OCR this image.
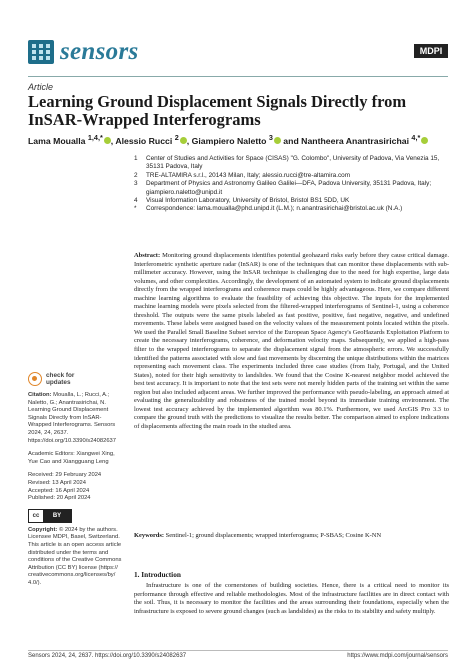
sensors	MDPI
Article
Learning Ground Displacement Signals Directly from InSAR-Wrapped Interferograms
Lama Moualla $^{1,4,*}$ , Alessio Rucci $^2$ , Giampiero Naletto $^3$ and Nantheera Anantrasirichai $^{4,*}$
1	Center of Studies and Activities for Space (CISAS) "G. Colombo", University of Padova, Via Venezia 15, 35131 Padova, Italy
2	TRE-ALTAMIRA s.r.l., 20143 Milan, Italy; alessio.rucci@tre-altamira.com
3	Department of Physics and Astronomy Galileo Galilei—DFA, Padova University, 35131 Padova, Italy; giampiero.naletto@unipd.it
4	Visual Information Laboratory, University of Bristol, Bristol BS1 5DD, UK
*	Correspondence: lama.moualla@phd.unipd.it (L.M.); n.anantrasirichai@bristol.ac.uk (N.A.)
Abstract: Monitoring ground displacements identifies potential geohazard risks early before they cause critical damage. Interferometric synthetic aperture radar (InSAR) is one of the techniques that can monitor these displacements with sub-millimeter accuracy. However, using the InSAR technique is challenging due to the need for high expertise, large data volumes, and other complexities. Accordingly, the development of an automated system to indicate ground displacements directly from the wrapped interferograms and coherence maps could be highly advantageous. Here, we compare different machine learning algorithms to evaluate the feasibility of achieving this objective. The inputs for the implemented machine learning models were pixels selected from the filtered-wrapped interferograms of Sentinel-1, using a coherence threshold. The outputs were the same pixels labeled as fast positive, positive, fast negative, negative, and undefined movements. These labels were assigned based on the velocity values of the measurement points located within the pixels. We used the Parallel Small Baseline Subset service of the European Space Agency's GeoHazards Exploitation Platform to create the necessary interferograms, coherence, and deformation velocity maps. Subsequently, we applied a high-pass filter to the wrapped interferograms to separate the displacement signal from the atmospheric errors. We successfully identified the patterns associated with slow and fast movements by discerning the unique distributions within the matrices representing each movement class. The experiments included three case studies (from Italy, Portugal, and the United States), noted for their high sensitivity to landslides. We found that the Cosine K-nearest neighbor model achieved the best test accuracy. It is important to note that the test sets were not merely hidden parts of the training set within the same region but also included adjacent areas. We further improved the performance with pseudo-labeling, an approach aimed at evaluating the generalizability and robustness of the trained model beyond its immediate training environment. The lowest test accuracy achieved by the implemented algorithm was 80.1%. Furthermore, we used ArcGIS Pro 3.3 to compare the ground truth with the predictions to visualize the results better. The comparison aimed to explore indications of displacements affecting the main roads in the studied area.
Keywords: Sentinel-1; ground displacements; wrapped interferograms; P-SBAS; Cosine K-NN
check for
updates
Citation: Moualla, L.; Rucci, A.; Naletto, G.; Anantrasirichai, N. Learning Ground Displacement Signals Directly from InSAR-Wrapped Interferograms. Sensors 2024, 24, 2637. https://doi.org/10.3390/s24082637
Academic Editors: Xiangwei Xing, Yue Cao and Xiangguang Leng
Received: 29 February 2024
Revised: 13 April 2024
Accepted: 16 April 2024
Published: 20 April 2024
cc	BY
Copyright: © 2024 by the authors. Licensee MDPI, Basel, Switzerland. This article is an open access article distributed under the terms and conditions of the Creative Commons Attribution (CC BY) license (https:// creativecommons.org/licenses/by/ 4.0/).
1. Introduction
Infrastructure is one of the cornerstones of building societies. Hence, there is a critical need to monitor its performance through effective and reliable methodologies. Most of the infrastructure facilities are in direct contact with the soil. Thus, it is necessary to monitor the facilities and the areas surrounding their foundations, especially when the infrastructure is exposed to severe ground changes (such as landslides) as the risks to its stability and safety multiply.
Sensors 2024, 24, 2637. https://doi.org/10.3390/s24082637	https://www.mdpi.com/journal/sensors
